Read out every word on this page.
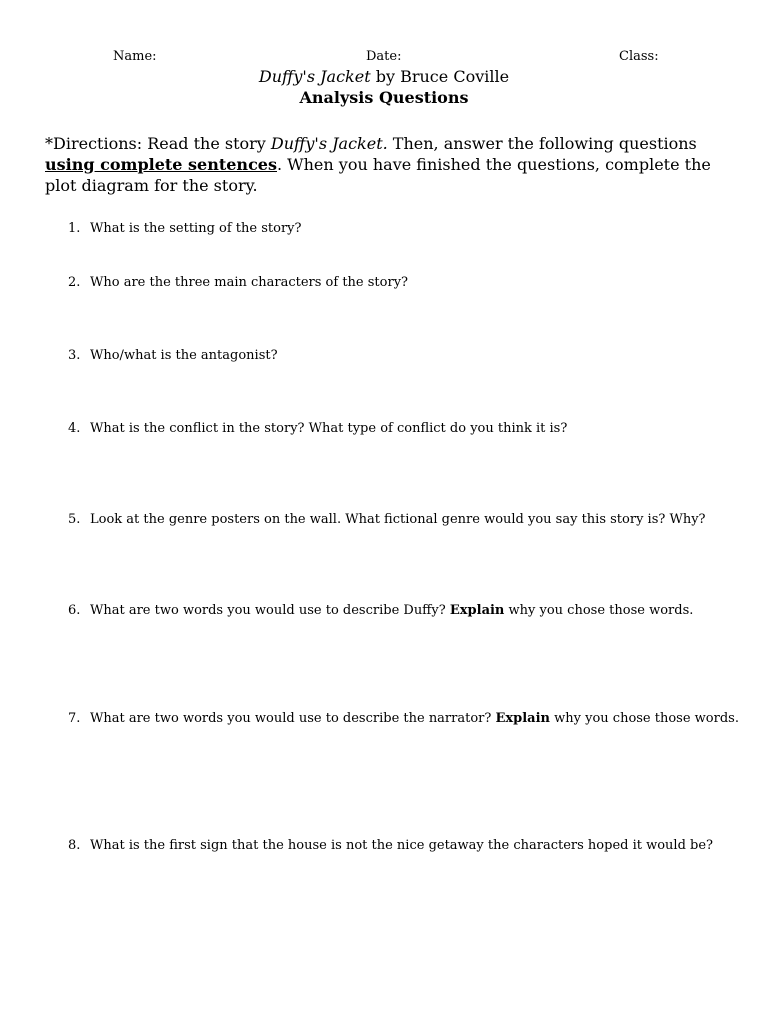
Name:	Date:	Class:
Duffy's Jacket by Bruce Coville
Analysis Questions
*Directions: Read the story Duffy's Jacket. Then, answer the following questions using complete sentences. When you have finished the questions, complete the plot diagram for the story.
1. What is the setting of the story?
2. Who are the three main characters of the story?
3. Who/what is the antagonist?
4. What is the conflict in the story? What type of conflict do you think it is?
5. Look at the genre posters on the wall. What fictional genre would you say this story is? Why?
6. What are two words you would use to describe Duffy? Explain why you chose those words.
7. What are two words you would use to describe the narrator? Explain why you chose those words.
8. What is the first sign that the house is not the nice getaway the characters hoped it would be?
